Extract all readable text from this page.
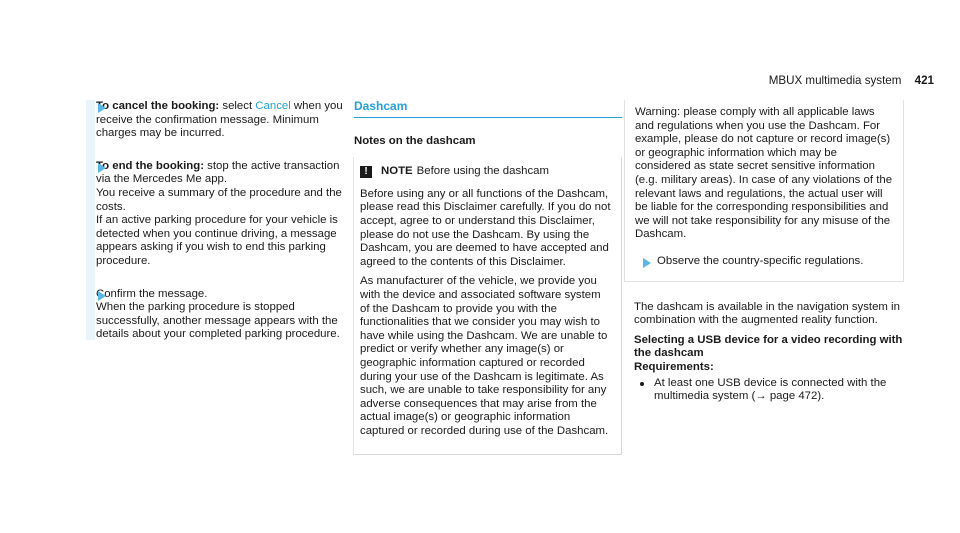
MBUX multimedia system 421

To cancel the booking: select Cancel when you receive the confirmation message. Minimum charges may be incurred.

To end the booking: stop the active transaction via the Mercedes Me app.

You receive a summary of the procedure and the costs.

If an active parking procedure for your vehicle is detected when you continue driving, a message appears asking if you wish to end this parking procedure.

Confirm the message.

When the parking procedure is stopped successfully, another message appears with the details about your completed parking procedure.

Dashcam
Notes on the dashcam
!	NOTE Before using the dashcam

Before using any or all functions of the Dashcam, please read this Disclaimer carefully. If you do not accept, agree to or understand this Disclaimer, please do not use the Dashcam. By using the Dashcam, you are deemed to have accepted and agreed to the contents of this Disclaimer.

As manufacturer of the vehicle, we provide you with the device and associated software system of the Dashcam to provide you with the functionalities that we consider you may wish to have while using the Dashcam. We are unable to predict or verify whether any image(s) or geographic information captured or recorded during your use of the Dashcam is legitimate. As such, we are unable to take responsibility for any adverse consequences that may arise from the actual image(s) or geographic information captured or recorded during use of the Dashcam.

Warning: please comply with all applicable laws and regulations when you use the Dashcam. For example, please do not capture or record image(s) or geographic information which may be considered as state secret sensitive information (e.g. military areas). In case of any violations of the relevant laws and regulations, the actual user will be liable for the corresponding responsibilities and we will not take responsibility for any misuse of the Dashcam.

Observe the country-specific regulations.

The dashcam is available in the navigation system in combination with the augmented reality function.

Selecting a USB device for a video recording with the dashcam

Requirements:

At least one USB device is connected with the multimedia system (→ page 472).
